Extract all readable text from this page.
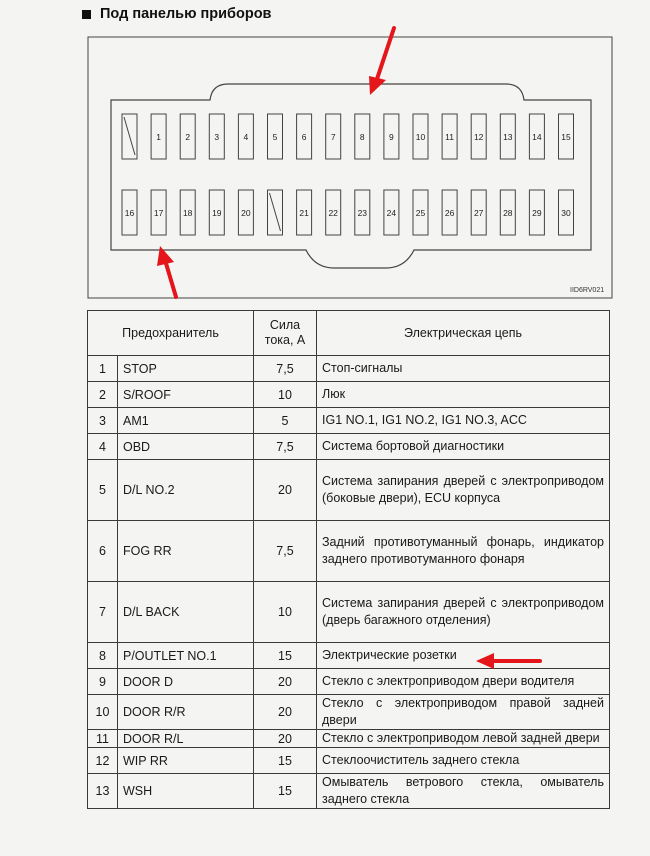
Под панелью приборов
1	2	3	4	5	6	7	8	9	10 11 12 13 14 15
16 17 18 19 20	21 22 23 24 25 26 27 28 29 30
IID6RV021
Предохранитель		Сила тока, А	Электрическая цепь
1	STOP	7,5	Стоп-сигналы
2	S/ROOF	10	Люк
3	AM1	5	IG1 NO.1, IG1 NO.2, IG1 NO.3, ACC
4	OBD	7,5	Система бортовой диагностики
5	D/L NO.2	20	Система запирания дверей с электроприводом (боковые двери), ECU корпуса
6	FOG RR	7,5	Задний противотуманный фонарь, индикатор заднего противотуманного фонаря
7	D/L BACK	10	Система запирания дверей с электроприводом (дверь багажного отделения)
8	P/OUTLET NO.1	15	Электрические розетки
9	DOOR D	20	Стекло с электроприводом двери водителя
10	DOOR R/R	20	Стекло с электроприводом правой задней двери
11	DOOR R/L	20	Стекло с электроприводом левой задней двери
12	WIP RR	15	Стеклоочиститель заднего стекла
13	WSH	15	Омыватель ветрового стекла, омыватель заднего стекла
